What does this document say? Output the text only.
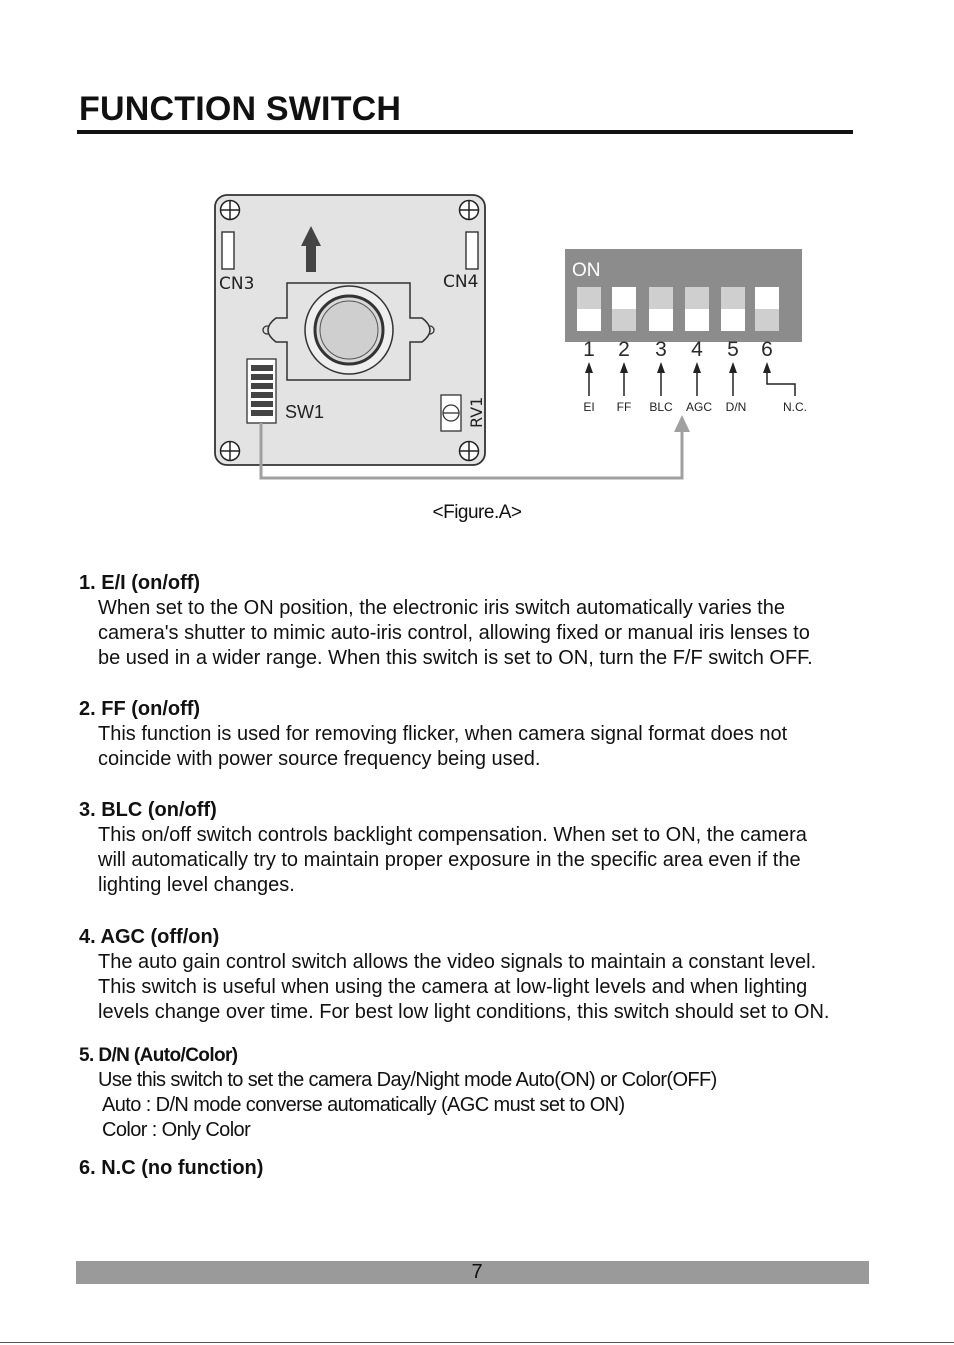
FUNCTION SWITCH
CN3	CN4
SW1	RV1
ON
1 2 3 4 5 6
EI FF BLC AGC D/N	N.C.
<Figure.A>
1. E/I (on/off)
When set to the ON position, the electronic iris switch automatically varies the
camera's shutter to mimic auto-iris control, allowing fixed or manual iris lenses to
be used in a wider range. When this switch is set to ON, turn the F/F switch OFF.
2. FF (on/off)
This function is used for removing flicker, when camera signal format does not
coincide with power source frequency being used.
3. BLC (on/off)
This on/off switch controls backlight compensation. When set to ON, the camera
will automatically try to maintain proper exposure in the specific area even if the
lighting level changes.
4. AGC (off/on)
The auto gain control switch allows the video signals to maintain a constant level.
This switch is useful when using the camera at low-light levels and when lighting
levels change over time. For best low light conditions, this switch should set to ON.
5. D/N (Auto/Color)
Use this switch to set the camera Day/Night mode Auto(ON) or Color(OFF)
Auto : D/N mode converse automatically (AGC must set to ON)
Color : Only Color
6. N.C (no function)
7
